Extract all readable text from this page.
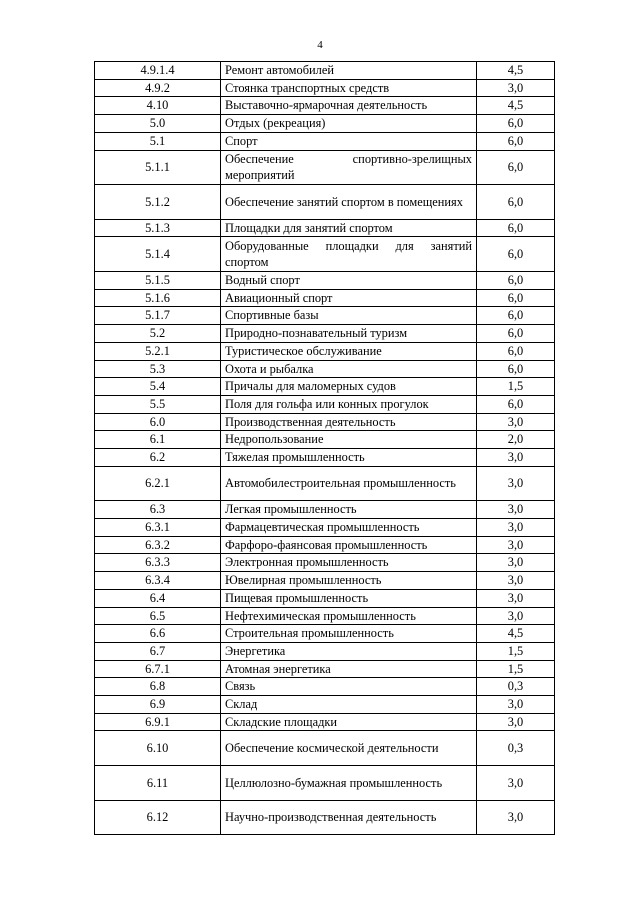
4
4.9.1.4	Ремонт автомобилей	4,5
4.9.2	Стоянка транспортных средств	3,0
4.10	Выставочно-ярмарочная деятельность	4,5
5.0	Отдых (рекреация)	6,0
5.1	Спорт	6,0
5.1.1	Обеспечение спортивно-зрелищных мероприятий	6,0
5.1.2	Обеспечение занятий спортом в помещениях	6,0
5.1.3	Площадки для занятий спортом	6,0
5.1.4	Оборудованные площадки для занятий спортом	6,0
5.1.5	Водный спорт	6,0
5.1.6	Авиационный спорт	6,0
5.1.7	Спортивные базы	6,0
5.2	Природно-познавательный туризм	6,0
5.2.1	Туристическое обслуживание	6,0
5.3	Охота и рыбалка	6,0
5.4	Причалы для маломерных судов	1,5
5.5	Поля для гольфа или конных прогулок	6,0
6.0	Производственная деятельность	3,0
6.1	Недропользование	2,0
6.2	Тяжелая промышленность	3,0
6.2.1	Автомобилестроительная промышленность	3,0
6.3	Легкая промышленность	3,0
6.3.1	Фармацевтическая промышленность	3,0
6.3.2	Фарфоро-фаянсовая промышленность	3,0
6.3.3	Электронная промышленность	3,0
6.3.4	Ювелирная промышленность	3,0
6.4	Пищевая промышленность	3,0
6.5	Нефтехимическая промышленность	3,0
6.6	Строительная промышленность	4,5
6.7	Энергетика	1,5
6.7.1	Атомная энергетика	1,5
6.8	Связь	0,3
6.9	Склад	3,0
6.9.1	Складские площадки	3,0
6.10	Обеспечение космической деятельности	0,3
6.11	Целлюлозно-бумажная промышленность	3,0
6.12	Научно-производственная деятельность	3,0
